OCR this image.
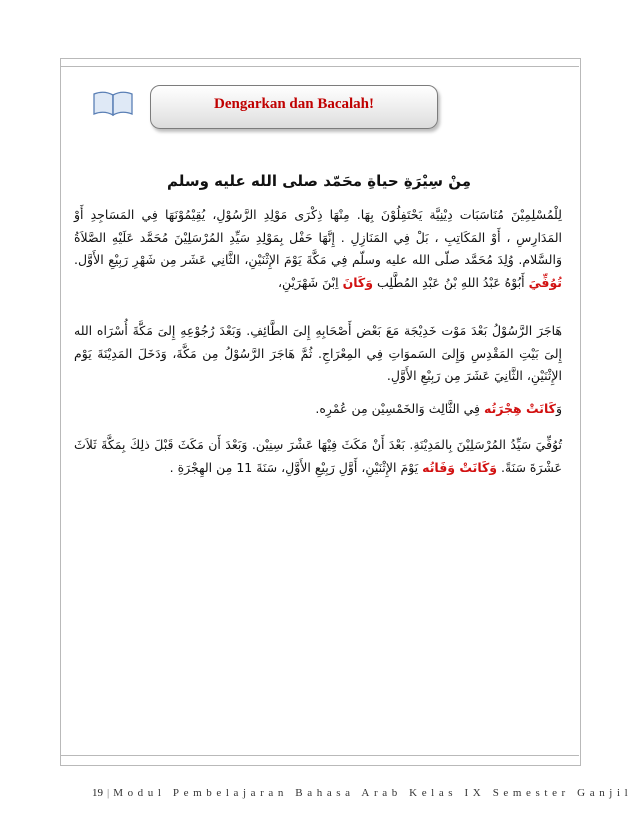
Dengarkan dan Bacalah!
مِنْ سِيْرَةِ حياةِ محَمّد صلى الله عليه وسلم
لِلْمُسْلِمِيْنَ مُنَاسَبَات دِيْنِيَّة يَحْتَفِلُوْنَ بِهَا. مِنْهَا ذِكْرَى مَوْلِدِ الرَّسُوْلِ، يُقِيْمُوْنَهَا فِي المَسَاجِدِ أَوْ المَدَارِسِ ، أَوْ المَكَاتِبِ ، بَلْ فِي المَنَازِلِ . إِنَّهَا حَفْل بِمَوْلِدِ سَيِّدِ المُرْسَلِيْنَ مُحَمَّد عَلَيْهِ الصَّلاَةُ وَالسَّلام. وُلِدَ مُحَمَّد صلّى الله عليه وسلّم فِي مَكَّةَ يَوْمَ الإِثْنَيْنِ، الثَّانِي عَشَر مِن شَهْرِ رَبِيْعِ الأَوَّل. تُوُفِّيَ أَبُوْهُ عَبْدُ اللهِ بْنُ عَبْدِ المُطَّلِب وَكَانَ اِبْنَ شَهْرَيْنِ،
هَاجَرَ الرَّسُوْلُ بَعْدَ مَوْت خَدِيْجَة مَعَ بَعْض أَصْحَابِهِ إِلىَ الطَّائِفِ. وَبَعْدَ رُجُوْعِهِ إِلىَ مَكَّةَ أُسْرَاه الله إِلىَ بَيْتِ المَقْدِسِ وَإِلىَ السَموَاتِ فِي المِعْرَاجِ. ثُمَّ هَاجَرَ الرَّسُوْلُ مِن مَكَّةَ، وَدَخَلَ المَدِيْنَةَ يَوْم الإِثْنَيْنِ، الثَّانِيَ عَشَرَ مِن رَبِيْعِ الأَوَّلِ.
وَكَانَتْ هِجْرَتُه فِي الثَّالِث وَالخَمْسِيْن مِن عُمْرِه.
تُوُفِّيَ سَيِّدُ المُرْسَلِيْنَ بِالمَدِيْنَةِ. بَعْدَ أَنْ مَكَثَ فِيْهَا عَشْرَ سِنِيْن. وَبَعْدَ أَن مَكَثَ قَبْلَ ذلِكَ بِمَكَّةَ ثَلاَثَ عَشْرَةَ سَنَةً. وَكَانَتْ وَفَاتُه يَوْمَ الإِثْنَيْنِ، أَوَّلِ رَبِيْعِ الأَوَّلِ، سَنَةَ 11 مِن الهِجْرَةِ .
19 | Modul Pembelajaran Bahasa Arab Kelas IX Semester Ganjil
